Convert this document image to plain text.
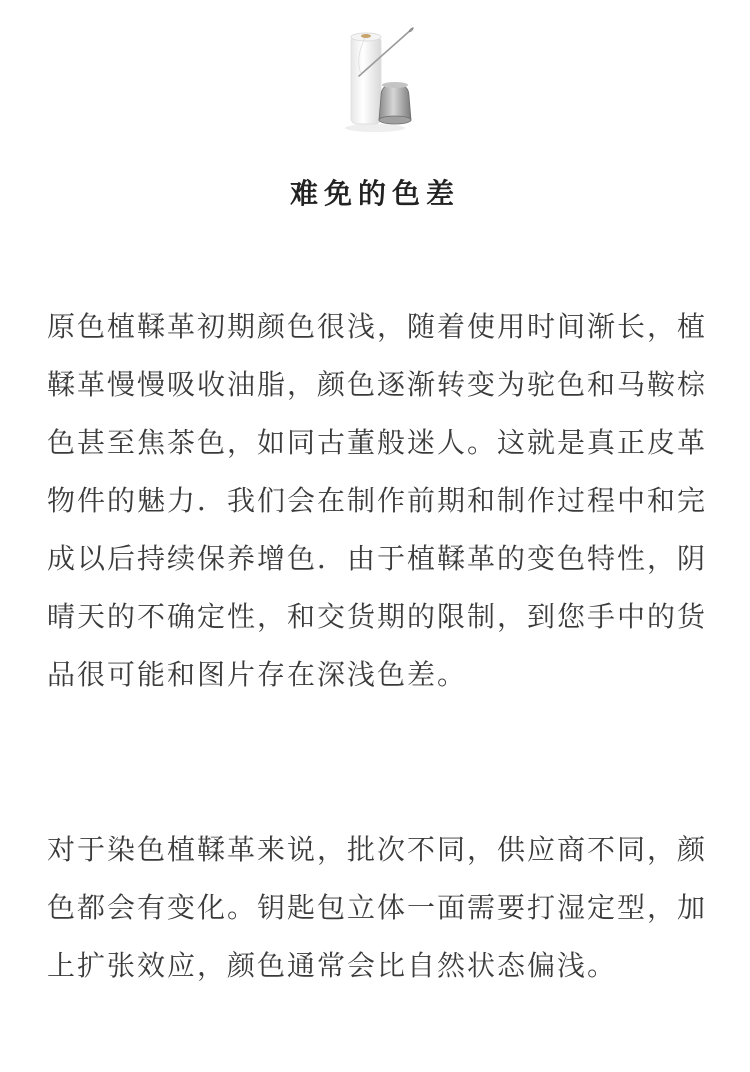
难免的色差

原色植鞣革初期颜色很浅，随着使用时间渐长，植鞣革慢慢吸收油脂，颜色逐渐转变为驼色和马鞍棕色甚至焦茶色，如同古董般迷人。这就是真正皮革物件的魅力．我们会在制作前期和制作过程中和完成以后持续保养增色．由于植鞣革的变色特性，阴晴天的不确定性，和交货期的限制，到您手中的货品很可能和图片存在深浅色差。

对于染色植鞣革来说，批次不同，供应商不同，颜色都会有变化。钥匙包立体一面需要打湿定型，加上扩张效应，颜色通常会比自然状态偏浅。
